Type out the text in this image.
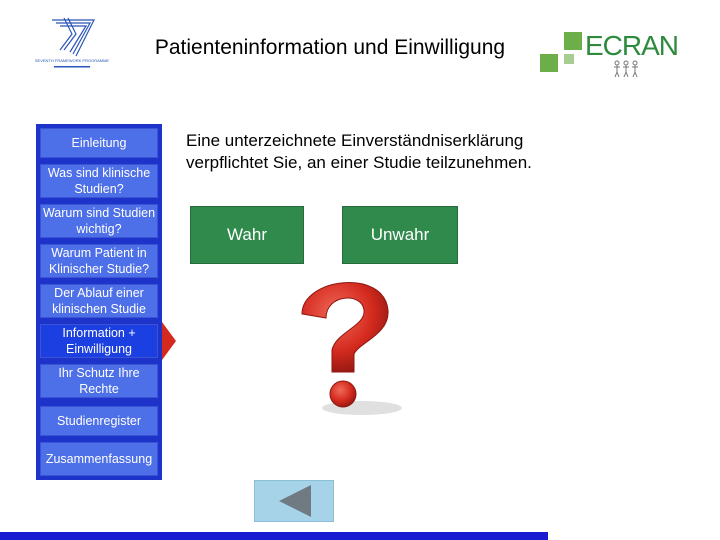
SEVENTH FRAMEWORK PROGRAMME
Patienteninformation und Einwilligung	ECRAN
Einleitung
Was sind klinische Studien?
Warum sind Studien wichtig?
Warum Patient in Klinischer Studie?
Der Ablauf einer klinischen Studie
Information + Einwilligung
Ihr Schutz Ihre Rechte
Studienregister
Zusammenfassung
Eine unterzeichnete Einverständniserklärung verpflichtet Sie, an einer Studie teilzunehmen.
Wahr	Unwahr
